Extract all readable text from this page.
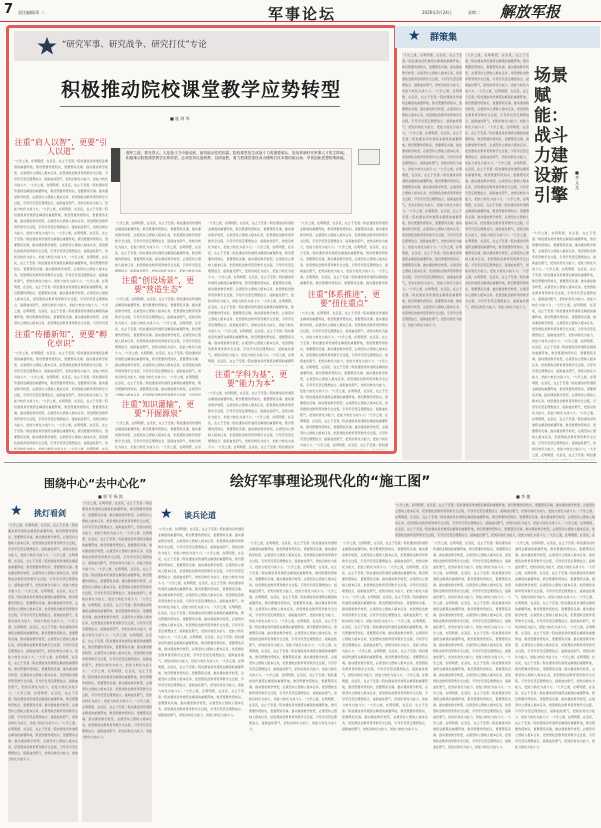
7 责任编辑/邓 二	军事论坛	2026年3月24日	星期二 解放军报
“研究军事、研究战争、研究打仗”专论
积极推动院校课堂教学应势转型
■ 庞 鸿 华
强军之道，要在得人。人是战斗力中最活跃、最具能动性的因素。院校课堂是生成战斗力的重要源头，是培养新时代军事人才的主阵地。积极推动院校课堂教学应势转型，必须坚持以战领教、以研促教，着力把课堂建设成为锤炼打仗本领的练兵场、孕育创新思想的策源地。
注重“肩人以智”，更要“引人以道”
“大学之道，在明明德，在亲民，在止于至善。”院校课堂是传道授业解惑的重要阵地，教员既要传授知识，更要塑造灵魂。推动课堂教学转型，必须坚持立德树人根本任务，把思想政治教育贯穿教学全过程，引导学员坚定理想信念、砥砺血性胆气，把知识转化为能力，把能力转化为战斗力。“大学之道，在明明德，在亲民，在止于至善。”院校课堂是传道授业解惑的重要阵地，教员既要传授知识，更要塑造灵魂。推动课堂教学转型，必须坚持立德树人根本任务，把思想政治教育贯穿教学全过程，引导学员坚定理想信念、砥砺血性胆气，把知识转化为能力，把能力转化为战斗力。“大学之道，在明明德，在亲民，在止于至善。”院校课堂是传道授业解惑的重要阵地，教员既要传授知识，更要塑造灵魂。推动课堂教学转型，必须坚持立德树人根本任务，把思想政治教育贯穿教学全过程，引导学员坚定理想信念、砥砺血性胆气，把知识转化为能力，把能力转化为战斗力。“大学之道，在明明德，在亲民，在止于至善。”院校课堂是传道授业解惑的重要阵地，教员既要传授知识，更要塑造灵魂。推动课堂教学转型，必须坚持立德树人根本任务，把思想政治教育贯穿教学全过程，引导学员坚定理想信念、砥砺血性胆气，把知识转化为能力，把能力转化为战斗力。“大学之道，在明明德，在亲民，在止于至善。”院校课堂是传道授业解惑的重要阵地，教员既要传授知识，更要塑造灵魂。推动课堂教学转型，必须坚持立德树人根本任务，把思想政治教育贯穿教学全过程，引导学员坚定理想信念、砥砺血性胆气，把知识转化为能力，把能力转化为战斗力。“大学之道，在明明德，在亲民，在止于至善。”院校课堂是传道授业解惑的重要阵地，教员既要传授知识，更要塑造灵魂。推动课堂教学转型，必须坚持立德树人根本任务，把思想政治教育贯穿教学全过程，引导学员坚定理想信念、砥砺血性胆气，把知识转化为能力，把能力转化为战斗力。“大学之道，在明明德，在亲民，在止于至善。”院校课堂是传道授业解惑的重要阵地，教员既要传授知识，更要塑造灵魂。推动课堂教学转型，必须坚持立德树人根本任务，把思想政治教育贯穿教学全过程，引导学员坚
注重“传播新知”，更要“孵化卓识”
“大学之道，在明明德，在亲民，在止于至善。”院校课堂是传道授业解惑的重要阵地，教员既要传授知识，更要塑造灵魂。推动课堂教学转型，必须坚持立德树人根本任务，把思想政治教育贯穿教学全过程，引导学员坚定理想信念、砥砺血性胆气，把知识转化为能力，把能力转化为战斗力。“大学之道，在明明德，在亲民，在止于至善。”院校课堂是传道授业解惑的重要阵地，教员既要传授知识，更要塑造灵魂。推动课堂教学转型，必须坚持立德树人根本任务，把思想政治教育贯穿教学全过程，引导学员坚定理想信念、砥砺血性胆气，把知识转化为能力，把能力转化为战斗力。“大学之道，在明明德，在亲民，在止于至善。”院校课堂是传道授业解惑的重要阵地，教员既要传授知识，更要塑造灵魂。推动课堂教学转型，必须坚持立德树人根本任务，把思想政治教育贯穿教学全过程，引导学员坚定理想信念、砥砺血性胆气，把知识转化为能力，把能力转化为战斗力。“大学之道，在明明德，在亲民，在止于至善。”院校课堂是传道授业解惑的重要阵地，教员既要传授知识，更要塑造灵魂。推动课堂教学转型，必须坚持立德树人根本任务，把思想政治教育贯穿教学全过程，引导学员坚定理想信念、砥砺血性胆气，把知识转化为能力，把能力转化为战斗力。“大学之道，在明明德，在亲
“大学之道，在明明德，在亲民，在止于至善。”院校课堂是传道授业解惑的重要阵地，教员既要传授知识，更要塑造灵魂。推动课堂教学转型，必须坚持立德树人根本任务，把思想政治教育贯穿教学全过程，引导学员坚定理想信念、砥砺血性胆气，把知识转化为能力，把能力转化为战斗力。“大学之道，在明明德，在亲民，在止于至善。”院校课堂是传道授业解惑的重要阵地，教员既要传授知识，更要塑造灵魂。推动课堂教学转型，必须坚持立德树人根本任务，把思想政治教育贯穿教学全过程，引导学员坚定理想信念、砥砺血性胆气，把知识转化为能力，把能力转化为战
注重“创设场景”，更要“营造生态”
“大学之道，在明明德，在亲民，在止于至善。”院校课堂是传道授业解惑的重要阵地，教员既要传授知识，更要塑造灵魂。推动课堂教学转型，必须坚持立德树人根本任务，把思想政治教育贯穿教学全过程，引导学员坚定理想信念、砥砺血性胆气，把知识转化为能力，把能力转化为战斗力。“大学之道，在明明德，在亲民，在止于至善。”院校课堂是传道授业解惑的重要阵地，教员既要传授知识，更要塑造灵魂。推动课堂教学转型，必须坚持立德树人根本任务，把思想政治教育贯穿教学全过程，引导学员坚定理想信念、砥砺血性胆气，把知识转化为能力，把能力转化为战斗力。“大学之道，在明明德，在亲民，在止于至善。”院校课堂是传道授业解惑的重要阵地，教员既要传授知识，更要塑造灵魂。推动课堂教学转型，必须坚持立德树人根本任务，把思想政治教育贯穿教学全过程，引导学员坚定理想信念、砥砺血性胆气，把知识转化为能力，把能力转化为战斗力。“大学之道，在明明德，在亲民，在止于至善。”院校课堂是传道授业解惑的重要阵地，教员既要传授知识，更要塑造灵魂。推动课堂教学转型，必须坚持立德树人根本任务，把思想政治教育贯穿教学全过程，引导学员
注重“知识灌输”，更要“开掘源泉”
“大学之道，在明明德，在亲民，在止于至善。”院校课堂是传道授业解惑的重要阵地，教员既要传授知识，更要塑造灵魂。推动课堂教学转型，必须坚持立德树人根本任务，把思想政治教育贯穿教学全过程，引导学员坚定理想信念、砥砺血性胆气，把知识转化为能力，把能力转化为战斗力。“大学之道，在明明德，在亲
“大学之道，在明明德，在亲民，在止于至善。”院校课堂是传道授业解惑的重要阵地，教员既要传授知识，更要塑造灵魂。推动课堂教学转型，必须坚持立德树人根本任务，把思想政治教育贯穿教学全过程，引导学员坚定理想信念、砥砺血性胆气，把知识转化为能力，把能力转化为战斗力。“大学之道，在明明德，在亲民，在止于至善。”院校课堂是传道授业解惑的重要阵地，教员既要传授知识，更要塑造灵魂。推动课堂教学转型，必须坚持立德树人根本任务，把思想政治教育贯穿教学全过程，引导学员坚定理想信念、砥砺血性胆气，把知识转化为能力，把能力转化为战斗力。“大学之道，在明明德，在亲民，在止于至善。”院校课堂是传道授业解惑的重要阵地，教员既要传授知识，更要塑造灵魂。推动课堂教学转型，必须坚持立德树人根本任务，把思想政治教育贯穿教学全过程，引导学员坚定理想信念、砥砺血性胆气，把知识转化为能力，把能力转化为战斗力。“大学之道，在明明德，在亲民，在止于至善。”院校课堂是传道授业解惑的重要阵地，教员既要传授知识，更要塑造灵魂。推动课堂教学转型，必须坚持立德树人根本任务，把思想政治教育贯穿教学全过程，引导学员坚定理想信念、砥砺血性胆气，把知识转化为能力，把能力转化为战斗力。“大学之道，在明明德，在亲民，在止于至善。”院校课堂是传道授业解惑的重要阵地，教员既要传授知识，更要塑造灵魂。推动课堂教学转型，必须坚持立德树人根本任务，把思想政治教育贯穿教学全过程，引导学员坚定理想信念、砥砺血性胆气，把知识转化为能力，把能力转化为战斗力。“大学之道，在明明德，在亲民，在止于至善。”院校课堂是传道授业解惑的重要阵
注重“学科为基”，更要“能力为本”
“大学之道，在明明德，在亲民，在止于至善。”院校课堂是传道授业解惑的重要阵地，教员既要传授知识，更要塑造灵魂。推动课堂教学转型，必须坚持立德树人根本任务，把思想政治教育贯穿教学全过程，引导学员坚定理想信念、砥砺血性胆气，把知识转化为能力，把能力转化为战斗力。“大学之道，在明明德，在亲民，在止于至善。”院校课堂是传道授业解惑的重要阵地，教员既要传授知识，更要塑造灵魂。推动课堂教学转型，必须坚持立德树人根本任务，把思想政治教育贯穿教学全过程，引导学员坚定理想信念、砥砺血性胆气，把知识转化为能力，把能力转化为战斗力。“大学之道，在明明德，在亲民，在止于至善。”院校课堂是
“大学之道，在明明德，在亲民，在止于至善。”院校课堂是传道授业解惑的重要阵地，教员既要传授知识，更要塑造灵魂。推动课堂教学转型，必须坚持立德树人根本任务，把思想政治教育贯穿教学全过程，引导学员坚定理想信念、砥砺血性胆气，把知识转化为能力，把能力转化为战斗力。“大学之道，在明明德，在亲民，在止于至善。”院校课堂是传道授业解惑的重要阵地，教员既要传授知识，更要塑造灵魂。推动课堂教学转型，必须坚持立德树人根本任务，把思想政治教育贯穿教学全过程，引导学员坚定理想信念、砥砺血性胆气，把知识转化为能力，把能力转化为战斗力。“大学之道，在明明德，在亲民，在止于至善。”院校课堂是传道授业解惑的重要阵地，教员既要传授知识，更要塑造灵魂。推动课堂教学转
注重“体系推进”，更要“扭住重点”
“大学之道，在明明德，在亲民，在止于至善。”院校课堂是传道授业解惑的重要阵地，教员既要传授知识，更要塑造灵魂。推动课堂教学转型，必须坚持立德树人根本任务，把思想政治教育贯穿教学全过程，引导学员坚定理想信念、砥砺血性胆气，把知识转化为能力，把能力转化为战斗力。“大学之道，在明明德，在亲民，在止于至善。”院校课堂是传道授业解惑的重要阵地，教员既要传授知识，更要塑造灵魂。推动课堂教学转型，必须坚持立德树人根本任务，把思想政治教育贯穿教学全过程，引导学员坚定理想信念、砥砺血性胆气，把知识转化为能力，把能力转化为战斗力。“大学之道，在明明德，在亲民，在止于至善。”院校课堂是传道授业解惑的重要阵地，教员既要传授知识，更要塑造灵魂。推动课堂教学转型，必须坚持立德树人根本任务，把思想政治教育贯穿教学全过程，引导学员坚定理想信念、砥砺血性胆气，把知识转化为能力，把能力转化为战斗力。“大学之道，在明明德，在亲民，在止于至善。”院校课堂是传道授业解惑的重要阵地，教员既要传授知识，更要塑造灵魂。推动课堂教学转型，必须坚持立德树人根本任务，把思想政治教育贯穿教学全过程，引导学员坚定理想信念、砥砺血性胆气，把知识转化为能力，把能力转化为战斗力。“大学之道，在明明德，在亲民，在止于至善。”院校课堂是传道授业解惑的重要阵地，教员既要传授知识，更要塑造灵魂。推动课堂教学转型，必须坚持立德树人根本任务，把思想政治教育贯穿教学全过程，引导学员坚定理想信念、砥砺血性胆气，把知识转化为能力，把能力转化为战斗力。“大学之道，在明明德，在亲民，在止于至善。”院校课
★ 群策集
场景赋能：战斗力建设新引擎
■ 李 文 龙
“大学之道，在明明德，在亲民，在止于至善。”院校课堂是传道授业解惑的重要阵地，教员既要传授知识，更要塑造灵魂。推动课堂教学转型，必须坚持立德树人根本任务，把思想政治教育贯穿教学全过程，引导学员坚定理想信念、砥砺血性胆气，把知识转化为能力，把能力转化为战斗力。“大学之道，在明明德，在亲民，在止于至善。”院校课堂是传道授业解惑的重要阵地，教员既要传授知识，更要塑造灵魂。推动课堂教学转型，必须坚持立德树人根本任务，把思想政治教育贯穿教学全过程，引导学员坚定理想信念、砥砺血性胆气，把知识转化为能力，把能力转化为战斗力。“大学之道，在明明德，在亲民，在止于至善。”院校课堂是传道授业解惑的重要阵地，教员既要传授知识，更要塑造灵魂。推动课堂教学转型，必须坚持立德树人根本任务，把思想政治教育贯穿教学全过程，引导学员坚定理想信念、砥砺血性胆气，把知识转化为能力，把能力转化为战斗力。“大学之道，在明明德，在亲民，在止于至善。”院校课堂是传道授业解惑的重要阵地，教员既要传授知识，更要塑造灵魂。推动课堂教学转型，必须坚持立德树人根本任务，把思想政治教育贯穿教学全过程，引导学员坚定理想信念、砥砺血性胆气，把知识转化为能力，把能力转化为战斗力。“大学之道，在明明德，在亲民，在止于至善。”院校课堂是传道授业解惑的重要阵地，教员既要传授知识，更要塑造灵魂。推动课堂教学转型，必须坚持立德树人根本任务，把思想政治教育贯穿教学全过程，引导学员坚定理想信念、砥砺血性胆气，把知识转化为能力，把能力转化为战斗力。“大学之道，在明明德，在亲民，在止于至善。”院校课堂是传道授业解惑的重要阵地，教员既要传授知识，更要塑造灵魂。推动课堂教学转型，必须坚持立德树人根本任务，把思想政治教育贯穿教学全过程，引导学员坚定理想信念、砥砺血性胆气，把知识转化为能力，把能力转化为战斗力。“大学之道，在明明德，在亲民，在止于至善。”院校课堂是传道授业解惑的重要阵地，教员既要传授知识，更要塑造灵魂。推动课堂教学转型，必须坚持立德树人根本任务，把思想政治教育贯穿教学全过程，引导学员坚定理想信念、砥砺血性胆气，把知识转化为能力，把能力转化为战斗力。
“大学之道，在明明德，在亲民，在止于至善。”院校课堂是传道授业解惑的重要阵地，教员既要传授知识，更要塑造灵魂。推动课堂教学转型，必须坚持立德树人根本任务，把思想政治教育贯穿教学全过程，引导学员坚定理想信念、砥砺血性胆气，把知识转化为能力，把能力转化为战斗力。“大学之道，在明明德，在亲民，在止于至善。”院校课堂是传道授业解惑的重要阵地，教员既要传授知识，更要塑造灵魂。推动课堂教学转型，必须坚持立德树人根本任务，把思想政治教育贯穿教学全过程，引导学员坚定理想信念、砥砺血性胆气，把知识转化为能力，把能力转化为战斗力。“大学之道，在明明德，在亲民，在止于至善。”院校课堂是传道授业解惑的重要阵地，教员既要传授知识，更要塑造灵魂。推动课堂教学转型，必须坚持立德树人根本任务，把思想政治教育贯穿教学全过程，引导学员坚定理想信念、砥砺血性胆气，把知识转化为能力，把能力转化为战斗力。“大学之道，在明明德，在亲民，在止于至善。”院校课堂是传道授业解惑的重要阵地，教员既要传授知识，更要塑造灵魂。推动课堂教学转型，必须坚持立德树人根本任务，把思想政治教育贯穿教学全过程，引导学员坚定理想信念、砥砺血性胆气，把知识转化为能力，把能力转化为战斗力。“大学之道，在明明德，在亲民，在止于至善。”院校课堂是传道授业解惑的重要阵地，教员既要传授知识，更要塑造灵魂。推动课堂教学转型，必须坚持立德树人根本任务，把思想政治教育贯穿教学全过程，引导学员坚定理想信念、砥砺血性胆气，把知识转化为能力，把能力转化为战斗力。“大学之道，在明明德，在亲民，在止于至善。”院校课堂是传道授业解惑的重要阵地，教员既要传授知识，更要塑造灵魂。推动课堂教学转型，必须坚持立德树人根本任务，把思想政治教育贯穿教学全过程，引导学员坚定理想信念、砥砺血性胆气，把知识转化为能力，把能力转化为战斗力。“大学之道，在明明德，在亲民，在止于至善。”院校课堂是传道授业解惑的重要阵地，教员既要传授知识，更要塑造灵魂。推动课堂教学转型，必须坚持立德树人根本任务，把思想政治教育贯穿教学全过程，引导学员坚定理想信念、砥砺血性胆气，把知识转化为能力，把能力转化为战斗力。
“大学之道，在明明德，在亲民，在止于至善。”院校课堂是传道授业解惑的重要阵地，教员既要传授知识，更要塑造灵魂。推动课堂教学转型，必须坚持立德树人根本任务，把思想政治教育贯穿教学全过程，引导学员坚定理想信念、砥砺血性胆气，把知识转化为能力，把能力转化为战斗力。“大学之道，在明明德，在亲民，在止于至善。”院校课堂是传道授业解惑的重要阵地，教员既要传授知识，更要塑造灵魂。推动课堂教学转型，必须坚持立德树人根本任务，把思想政治教育贯穿教学全过程，引导学员坚定理想信念、砥砺血性胆气，把知识转化为能力，把能力转化为战斗力。“大学之道，在明明德，在亲民，在止于至善。”院校课堂是传道授业解惑的重要阵地，教员既要传授知识，更要塑造灵魂。推动课堂教学转型，必须坚持立德树人根本任务，把思想政治教育贯穿教学全过程，引导学员坚定理想信念、砥砺血性胆气，把知识转化为能力，把能力转化为战斗力。“大学之道，在明明德，在亲民，在止于至善。”院校课堂是传道授业解惑的重要阵地，教员既要传授知识，更要塑造灵魂。推动课堂教学转型，必须坚持立德树人根本任务，把思想政治教育贯穿教学全过程，引导学员坚定理想信念、砥砺血性胆气，把知识转化为能力，把能力转化为战斗力。“大学之道，在明明德，在亲民，在止于至善。”院校课堂是传道授业解惑的重要阵地，教员既要传授知识，更要塑造灵魂。推动课堂教学转型，必须坚持立德树人根本任务，把思想政治教育贯穿教学全过程，引导学员坚定理想信念、砥砺血性胆气，把知识转化为能力，把能力转化为战斗力。“大学之道，在明明德，在亲民，在止于至善。”院校课堂是传道授业解惑的重要阵地，教员既要传授知识，更要塑造灵魂。推动课堂教学转型，必须坚持立德树人根本任务，把思想政治教育贯穿教学全过程，引导学员坚定理想信念、砥砺血性胆气，把知识转化为能力，把能力转化为战斗力。“大学之道，在明明德，在亲民，在止于至善。”院校课
围绕中心“去中心化”
■ 郭 军 杨 凯
★ 挑灯看剑
“大学之道，在明明德，在亲民，在止于至善。”院校课堂是传道授业解惑的重要阵地，教员既要传授知识，更要塑造灵魂。推动课堂教学转型，必须坚持立德树人根本任务，把思想政治教育贯穿教学全过程，引导学员坚定理想信念、砥砺血性胆气，把知识转化为能力，把能力转化为战斗力。“大学之道，在明明德，在亲民，在止于至善。”院校课堂是传道授业解惑的重要阵地，教员既要传授知识，更要塑造灵魂。推动课堂教学转型，必须坚持立德树人根本任务，把思想政治教育贯穿教学全过程，引导学员坚定理想信念、砥砺血性胆气，把知识转化为能力，把能力转化为战斗力。“大学之道，在明明德，在亲民，在止于至善。”院校课堂是传道授业解惑的重要阵地，教员既要传授知识，更要塑造灵魂。推动课堂教学转型，必须坚持立德树人根本任务，把思想政治教育贯穿教学全过程，引导学员坚定理想信念、砥砺血性胆气，把知识转化为能力，把能力转化为战斗力。“大学之道，在明明德，在亲民，在止于至善。”院校课堂是传道授业解惑的重要阵地，教员既要传授知识，更要塑造灵魂。推动课堂教学转型，必须坚持立德树人根本任务，把思想政治教育贯穿教学全过程，引导学员坚定理想信念、砥砺血性胆气，把知识转化为能力，把能力转化为战斗力。“大学之道，在明明德，在亲民，在止于至善。”院校课堂是传道授业解惑的重要阵地，教员既要传授知识，更要塑造灵魂。推动课堂教学转型，必须坚持立德树人根本任务，把思想政治教育贯穿教学全过程，引导学员坚定理想信念、砥砺血性胆气，把知识转化为能力，把能力转化为战斗力。“大学之道，在明明德，在亲民，在止于至善。”院校课堂是传道授业解惑的重要阵地，教员既要传授知识，更要塑造灵魂。推动课堂教学转型，必须坚持立德树人根本任务，把思想政治教育贯穿教学全过程，引导学员坚定理想信念、砥砺血性胆气，把知识转化为能力，把能力转化为战斗力。“大学之道，在明明德，在亲民，在止于至善。”院校课堂是传道授业解惑的重要阵地，教员既要传授知识，更要塑造灵魂。推动课堂教学转型，必须坚持立德树人根本任务，把思想政治教育贯穿教学全过程，引导学员坚定理想信念、砥砺血性胆气，把知识转化为能力，把能力转化为战斗力。
“大学之道，在明明德，在亲民，在止于至善。”院校课堂是传道授业解惑的重要阵地，教员既要传授知识，更要塑造灵魂。推动课堂教学转型，必须坚持立德树人根本任务，把思想政治教育贯穿教学全过程，引导学员坚定理想信念、砥砺血性胆气，把知识转化为能力，把能力转化为战斗力。“大学之道，在明明德，在亲民，在止于至善。”院校课堂是传道授业解惑的重要阵地，教员既要传授知识，更要塑造灵魂。推动课堂教学转型，必须坚持立德树人根本任务，把思想政治教育贯穿教学全过程，引导学员坚定理想信念、砥砺血性胆气，把知识转化为能力，把能力转化为战斗力。“大学之道，在明明德，在亲民，在止于至善。”院校课堂是传道授业解惑的重要阵地，教员既要传授知识，更要塑造灵魂。推动课堂教学转型，必须坚持立德树人根本任务，把思想政治教育贯穿教学全过程，引导学员坚定理想信念、砥砺血性胆气，把知识转化为能力，把能力转化为战斗力。“大学之道，在明明德，在亲民，在止于至善。”院校课堂是传道授业解惑的重要阵地，教员既要传授知识，更要塑造灵魂。推动课堂教学转型，必须坚持立德树人根本任务，把思想政治教育贯穿教学全过程，引导学员坚定理想信念、砥砺血性胆气，把知识转化为能力，把能力转化为战斗力。“大学之道，在明明德，在亲民，在止于至善。”院校课堂是传道授业解惑的重要阵地，教员既要传授知识，更要塑造灵魂。推动课堂教学转型，必须坚持立德树人根本任务，把思想政治教育贯穿教学全过程，引导学员坚定理想信念、砥砺血性胆气，把知识转化为能力，把能力转化为战斗力。“大学之道，在明明德，在亲民，在止于至善。”院校课堂是传道授业解惑的重要阵地，教员既要传授知识，更要塑造灵魂。推动课堂教学转型，必须坚持立德树人根本任务，把思想政治教育贯穿教学全过程，引导学员坚定理想信念、砥砺血性胆气，把知识转化为能力，把能力转化为战斗力。“大学之道，在明明德，在亲民，在止于至善。”院校课堂是传道授业解惑的重要阵地，教员既要传授知识，更要塑造灵魂。推动课堂教学转型，必须坚持立德树人根本任务，把思想政治教育贯穿教学全过程，引导学员坚定理想信念、砥砺血性胆气，把知识转化为能力，把能力转化为战斗力。
绘好军事理论现代化的“施工图”
■ 李 婕
“大学之道，在明明德，在亲民，在止于至善。”院校课堂是传道授业解惑的重要阵地，教员既要传授知识，更要塑造灵魂。推动课堂教学转型，必须坚持立德树人根本任务，把思想政治教育贯穿教学全过程，引导学员坚定理想信念、砥砺血性胆气，把知识转化为能力，把能力转化为战斗力。“大学之道，在明明德，在亲民，在止于至善。”院校课堂是传道授业解惑的重要阵地，教员既要传授知识，更要塑造灵魂。推动课堂教学转型，必须坚持立德树人根本任务，把思想政治教育贯穿教学全过程，引导学员坚定理想信念、砥砺血性胆气，把知识转化为能力，把能力转化为战斗力。“大学之道，在明明德，在亲民，在止于至善。”院校课堂是传道授业解惑的重要阵地，教员既要传授知识，更要塑造灵魂。推动课堂教学转型，必须坚持立德树人根本任务，把思想政治教育贯穿教学全过程，引导学员坚定理想信念、砥砺血性胆气，把知识转化为能力，把能力转化为战斗力。“大学之道，在明明德，在亲民，在
★ 谈兵论道
“大学之道，在明明德，在亲民，在止于至善。”院校课堂是传道授业解惑的重要阵地，教员既要传授知识，更要塑造灵魂。推动课堂教学转型，必须坚持立德树人根本任务，把思想政治教育贯穿教学全过程，引导学员坚定理想信念、砥砺血性胆气，把知识转化为能力，把能力转化为战斗力。“大学之道，在明明德，在亲民，在止于至善。”院校课堂是传道授业解惑的重要阵地，教员既要传授知识，更要塑造灵魂。推动课堂教学转型，必须坚持立德树人根本任务，把思想政治教育贯穿教学全过程，引导学员坚定理想信念、砥砺血性胆气，把知识转化为能力，把能力转化为战斗力。“大学之道，在明明德，在亲民，在止于至善。”院校课堂是传道授业解惑的重要阵地，教员既要传授知识，更要塑造灵魂。推动课堂教学转型，必须坚持立德树人根本任务，把思想政治教育贯穿教学全过程，引导学员坚定理想信念、砥砺血性胆气，把知识转化为能力，把能力转化为战斗力。“大学之道，在明明德，在亲民，在止于至善。”院校课堂是传道授业解惑的重要阵地，教员既要传授知识，更要塑造灵魂。推动课堂教学转型，必须坚持立德树人根本任务，把思想政治教育贯穿教学全过程，引导学员坚定理想信念、砥砺血性胆气，把知识转化为能力，把能力转化为战斗力。“大学之道，在明明德，在亲民，在止于至善。”院校课堂是传道授业解惑的重要阵地，教员既要传授知识，更要塑造灵魂。推动课堂教学转型，必须坚持立德树人根本任务，把思想政治教育贯穿教学全过程，引导学员坚定理想信念、砥砺血性胆气，把知识转化为能力，把能力转化为战斗力。“大学之道，在明明德，在亲民，在止于至善。”院校课堂是传道授业解惑的重要阵地，教员既要传授知识，更要塑造灵魂。推动课堂教学转型，必须坚持立德树人根本任务，把思想政治教育贯穿教学全过程，引导学员坚定理想信念、砥砺血性胆气，把知识转化为能力，把能力转化为战斗力。“大学之道，在明明德，在亲民，在止于至善。”院校课堂是传道授业解惑的重要阵地，教员既要传授知识，更要塑造灵魂。推动课堂教学转型，必须坚持立德树人根本任务，把思想政治教育贯穿教学全过程，引导学员坚定理想信念、砥砺血性胆气，把知识转化为能力，把能力转化为战斗力。
“大学之道，在明明德，在亲民，在止于至善。”院校课堂是传道授业解惑的重要阵地，教员既要传授知识，更要塑造灵魂。推动课堂教学转型，必须坚持立德树人根本任务，把思想政治教育贯穿教学全过程，引导学员坚定理想信念、砥砺血性胆气，把知识转化为能力，把能力转化为战斗力。“大学之道，在明明德，在亲民，在止于至善。”院校课堂是传道授业解惑的重要阵地，教员既要传授知识，更要塑造灵魂。推动课堂教学转型，必须坚持立德树人根本任务，把思想政治教育贯穿教学全过程，引导学员坚定理想信念、砥砺血性胆气，把知识转化为能力，把能力转化为战斗力。“大学之道，在明明德，在亲民，在止于至善。”院校课堂是传道授业解惑的重要阵地，教员既要传授知识，更要塑造灵魂。推动课堂教学转型，必须坚持立德树人根本任务，把思想政治教育贯穿教学全过程，引导学员坚定理想信念、砥砺血性胆气，把知识转化为能力，把能力转化为战斗力。“大学之道，在明明德，在亲民，在止于至善。”院校课堂是传道授业解惑的重要阵地，教员既要传授知识，更要塑造灵魂。推动课堂教学转型，必须坚持立德树人根本任务，把思想政治教育贯穿教学全过程，引导学员坚定理想信念、砥砺血性胆气，把知识转化为能力，把能力转化为战斗力。“大学之道，在明明德，在亲民，在止于至善。”院校课堂是传道授业解惑的重要阵地，教员既要传授知识，更要塑造灵魂。推动课堂教学转型，必须坚持立德树人根本任务，把思想政治教育贯穿教学全过程，引导学员坚定理想信念、砥砺血性胆气，把知识转化为能力，把能力转化为战斗力。“大学之道，在明明德，在亲民，在止于至善。”院校课堂是传道授业解惑的重要阵地，教员既要传授知识，更要塑造灵魂。推动课堂教学转型，必须坚持立德树人根本任务，把思想政治教育贯穿教学全过程，引导学员坚定理想信念、砥砺血性胆气，把知识转化为能力，把能力转化为战斗力。“大学之道，在明明德，在亲民，在止于至善。”院校课堂是传道授业解惑的重要阵地，教员既要传授知识，更要塑造灵魂。推动课堂教学转型，必须坚持立德树人根本任务，把思想政治教育贯穿教学全过程，引导学员坚定理想信念、砥砺血性胆气，把知识转化为能力，把能力转化为战斗力。
“大学之道，在明明德，在亲民，在止于至善。”院校课堂是传道授业解惑的重要阵地，教员既要传授知识，更要塑造灵魂。推动课堂教学转型，必须坚持立德树人根本任务，把思想政治教育贯穿教学全过程，引导学员坚定理想信念、砥砺血性胆气，把知识转化为能力，把能力转化为战斗力。“大学之道，在明明德，在亲民，在止于至善。”院校课堂是传道授业解惑的重要阵地，教员既要传授知识，更要塑造灵魂。推动课堂教学转型，必须坚持立德树人根本任务，把思想政治教育贯穿教学全过程，引导学员坚定理想信念、砥砺血性胆气，把知识转化为能力，把能力转化为战斗力。“大学之道，在明明德，在亲民，在止于至善。”院校课堂是传道授业解惑的重要阵地，教员既要传授知识，更要塑造灵魂。推动课堂教学转型，必须坚持立德树人根本任务，把思想政治教育贯穿教学全过程，引导学员坚定理想信念、砥砺血性胆气，把知识转化为能力，把能力转化为战斗力。“大学之道，在明明德，在亲民，在止于至善。”院校课堂是传道授业解惑的重要阵地，教员既要传授知识，更要塑造灵魂。推动课堂教学转型，必须坚持立德树人根本任务，把思想政治教育贯穿教学全过程，引导学员坚定理想信念、砥砺血性胆气，把知识转化为能力，把能力转化为战斗力。“大学之道，在明明德，在亲民，在止于至善。”院校课堂是传道授业解惑的重要阵地，教员既要传授知识，更要塑造灵魂。推动课堂教学转型，必须坚持立德树人根本任务，把思想政治教育贯穿教学全过程，引导学员坚定理想信念、砥砺血性胆气，把知识转化为能力，把能力转化为战斗力。“大学之道，在明明德，在亲民，在止于至善。”院校课堂是传道授业解惑的重要阵地，教员既要传授知识，更要塑造灵魂。推动课堂教学转型，必须坚持立德树人根本任务，把思想政治教育贯穿教学全过程，引导学员坚定理想信念、砥砺血性胆气，把知识转化为能力，把能力转化为战斗力。“大学之道，在明明德，在亲民，在止于至善。”院校课堂是传道授业解惑的重要阵地，教员既要传授知识，更要塑造灵魂。推动课堂教学转型，必须坚持立德树人根本任务，把思想政治教育贯穿教学全过程，引导学员坚定理想信念、砥砺血性胆气，把知识转化为能力，把能力转化为战斗力。
“大学之道，在明明德，在亲民，在止于至善。”院校课堂是传道授业解惑的重要阵地，教员既要传授知识，更要塑造灵魂。推动课堂教学转型，必须坚持立德树人根本任务，把思想政治教育贯穿教学全过程，引导学员坚定理想信念、砥砺血性胆气，把知识转化为能力，把能力转化为战斗力。“大学之道，在明明德，在亲民，在止于至善。”院校课堂是传道授业解惑的重要阵地，教员既要传授知识，更要塑造灵魂。推动课堂教学转型，必须坚持立德树人根本任务，把思想政治教育贯穿教学全过程，引导学员坚定理想信念、砥砺血性胆气，把知识转化为能力，把能力转化为战斗力。“大学之道，在明明德，在亲民，在止于至善。”院校课堂是传道授业解惑的重要阵地，教员既要传授知识，更要塑造灵魂。推动课堂教学转型，必须坚持立德树人根本任务，把思想政治教育贯穿教学全过程，引导学员坚定理想信念、砥砺血性胆气，把知识转化为能力，把能力转化为战斗力。“大学之道，在明明德，在亲民，在止于至善。”院校课堂是传道授业解惑的重要阵地，教员既要传授知识，更要塑造灵魂。推动课堂教学转型，必须坚持立德树人根本任务，把思想政治教育贯穿教学全过程，引导学员坚定理想信念、砥砺血性胆气，把知识转化为能力，把能力转化为战斗力。“大学之道，在明明德，在亲民，在止于至善。”院校课堂是传道授业解惑的重要阵地，教员既要传授知识，更要塑造灵魂。推动课堂教学转型，必须坚持立德树人根本任务，把思想政治教育贯穿教学全过程，引导学员坚定理想信念、砥砺血性胆气，把知识转化为能力，把能力转化为战斗力。“大学之道，在明明德，在亲民，在止于至善。”院校课堂是传道授业解惑的重要阵地，教员既要传授知识，更要塑造灵魂。推动课堂教学转型，必须坚持立德树人根本任务，把思想政治教育贯穿教学全过程，引导学员坚定理想信念、砥砺血性胆气，把知识转化为能力，把能力转化为战斗力。“大学之道，在明明德，在亲民，在止于至善。”院校课堂是传道授业解惑的重要阵地，教员既要传授知识，更要塑造灵魂。推动课堂教学转型，必须坚持立德树人根本任务，把思想政治教育贯穿教学全过程，引导学员坚定理想信念、砥砺血性胆气，把知识转化为能力，把能力转化为战斗力。
“大学之道，在明明德，在亲民，在止于至善。”院校课堂是传道授业解惑的重要阵地，教员既要传授知识，更要塑造灵魂。推动课堂教学转型，必须坚持立德树人根本任务，把思想政治教育贯穿教学全过程，引导学员坚定理想信念、砥砺血性胆气，把知识转化为能力，把能力转化为战斗力。“大学之道，在明明德，在亲民，在止于至善。”院校课堂是传道授业解惑的重要阵地，教员既要传授知识，更要塑造灵魂。推动课堂教学转型，必须坚持立德树人根本任务，把思想政治教育贯穿教学全过程，引导学员坚定理想信念、砥砺血性胆气，把知识转化为能力，把能力转化为战斗力。“大学之道，在明明德，在亲民，在止于至善。”院校课堂是传道授业解惑的重要阵地，教员既要传授知识，更要塑造灵魂。推动课堂教学转型，必须坚持立德树人根本任务，把思想政治教育贯穿教学全过程，引导学员坚定理想信念、砥砺血性胆气，把知识转化为能力，把能力转化为战斗力。“大学之道，在明明德，在亲民，在止于至善。”院校课堂是传道授业解惑的重要阵地，教员既要传授知识，更要塑造灵魂。推动课堂教学转型，必须坚持立德树人根本任务，把思想政治教育贯穿教学全过程，引导学员坚定理想信念、砥砺血性胆气，把知识转化为能力，把能力转化为战斗力。“大学之道，在明明德，在亲民，在止于至善。”院校课堂是传道授业解惑的重要阵地，教员既要传授知识，更要塑造灵魂。推动课堂教学转型，必须坚持立德树人根本任务，把思想政治教育贯穿教学全过程，引导学员坚定理想信念、砥砺血性胆气，把知识转化为能力，把能力转化为战斗力。“大学之道，在明明德，在亲民，在止于至善。”院校课堂是传道授业解惑的重要阵地，教员既要传授知识，更要塑造灵魂。推动课堂教学转型，必须坚持立德树人根本任务，把思想政治教育贯穿教学全过程，引导学员坚定理想信念、砥砺血性胆气，把知识转化为能力，把能力转化为战斗力。“大学之道，在明明德，在亲民，在止于至善。”院校课堂是传道授业解惑的重要阵地，教员既要传授知识，更要塑造灵魂。推动课堂教学转型，必须坚持立德树人根本任务，把思想政治教育贯穿教学全过程，引导学员坚定理想信念、砥砺血性胆气，把知识转化为能力，把能力转化为战斗力。
